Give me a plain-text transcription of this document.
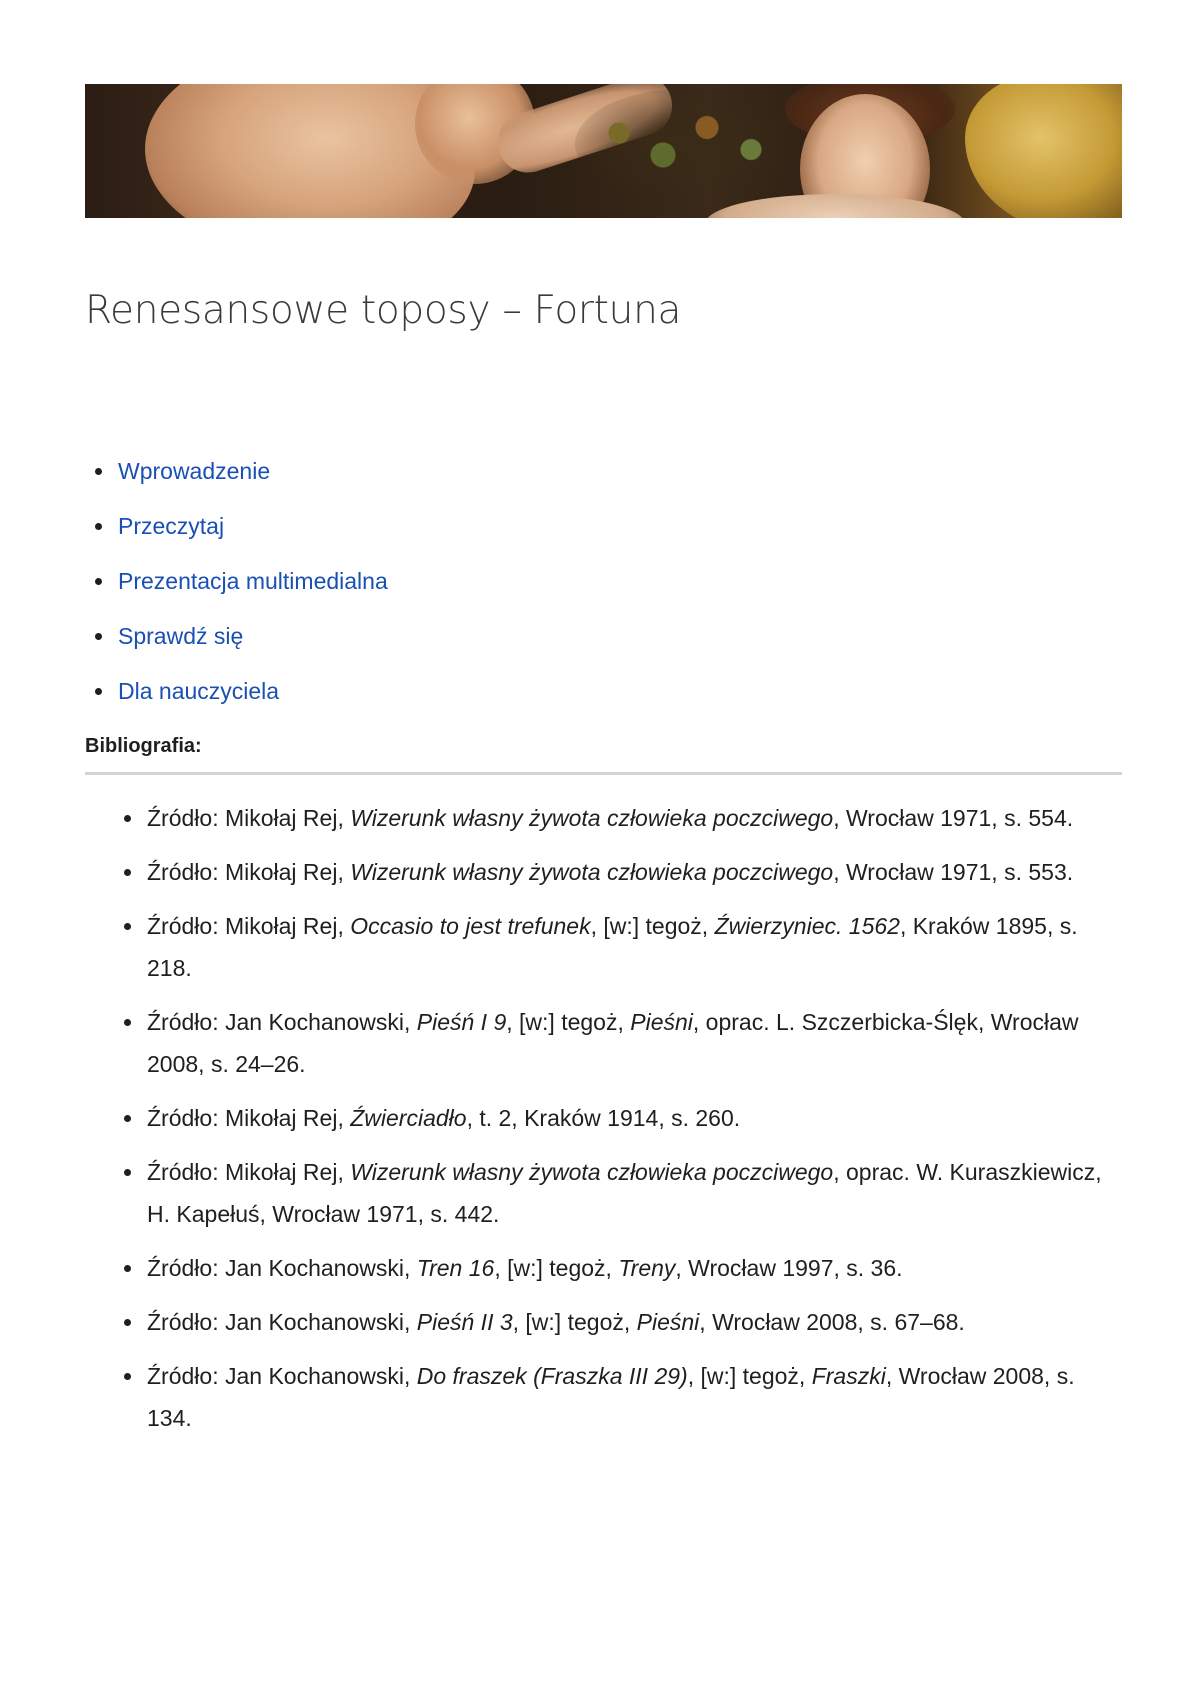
Renesansowe toposy – Fortuna
Wprowadzenie
Przeczytaj
Prezentacja multimedialna
Sprawdź się
Dla nauczyciela
Bibliografia:
Źródło: Mikołaj Rej, Wizerunk własny żywota człowieka poczciwego, Wrocław 1971, s. 554.
Źródło: Mikołaj Rej, Wizerunk własny żywota człowieka poczciwego, Wrocław 1971, s. 553.
Źródło: Mikołaj Rej, Occasio to jest trefunek, [w:] tegoż, Źwierzyniec. 1562, Kraków 1895, s. 218.
Źródło: Jan Kochanowski, Pieśń I 9, [w:] tegoż, Pieśni, oprac. L. Szczerbicka-Ślęk, Wrocław 2008, s. 24–26.
Źródło: Mikołaj Rej, Źwierciadło, t. 2, Kraków 1914, s. 260.
Źródło: Mikołaj Rej, Wizerunk własny żywota człowieka poczciwego, oprac. W. Kuraszkiewicz, H. Kapełuś, Wrocław 1971, s. 442.
Źródło: Jan Kochanowski, Tren 16, [w:] tegoż, Treny, Wrocław 1997, s. 36.
Źródło: Jan Kochanowski, Pieśń II 3, [w:] tegoż, Pieśni, Wrocław 2008, s. 67–68.
Źródło: Jan Kochanowski, Do fraszek (Fraszka III 29), [w:] tegoż, Fraszki, Wrocław 2008, s. 134.
